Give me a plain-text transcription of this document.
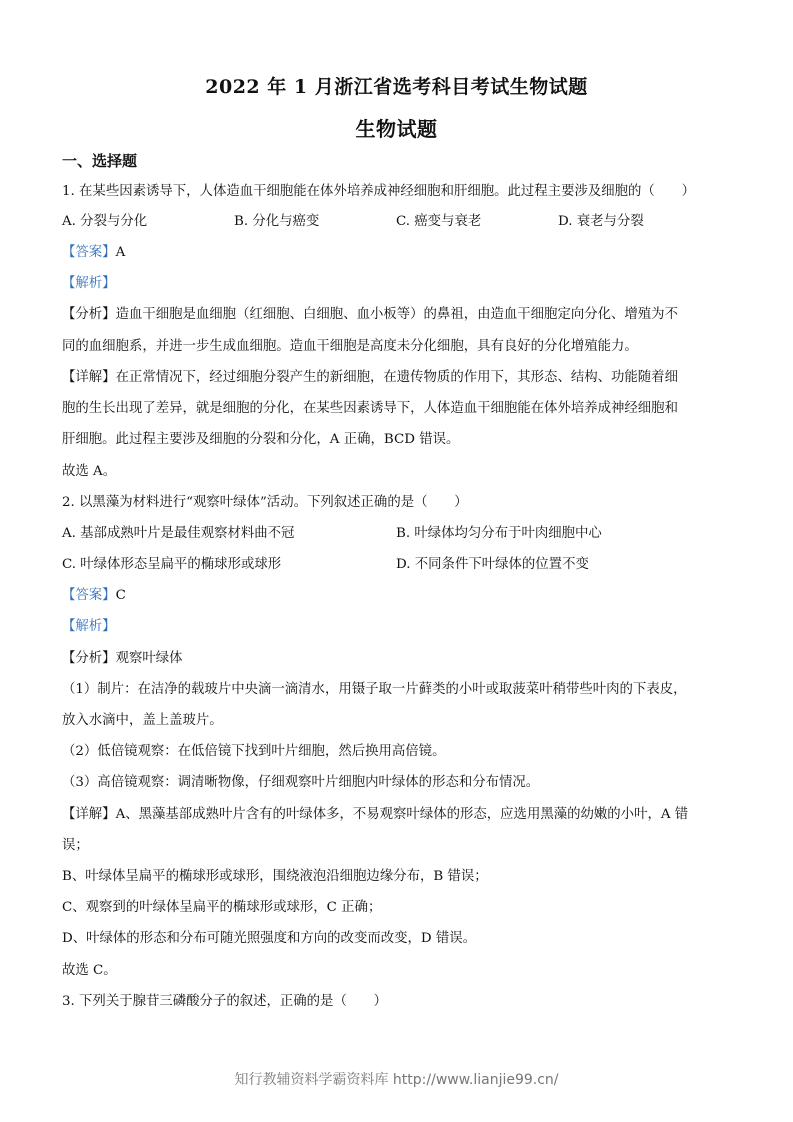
2022 年 1 月浙江省选考科目考试生物试题
生物试题
一、选择题
1. 在某些因素诱导下，人体造血干细胞能在体外培养成神经细胞和肝细胞。此过程主要涉及细胞的（　　）
A. 分裂与分化	B. 分化与癌变	C. 癌变与衰老	D. 衰老与分裂
【答案】A
【解析】
【分析】造血干细胞是血细胞（红细胞、白细胞、血小板等）的鼻祖，由造血干细胞定向分化、增殖为不
同的血细胞系，并进一步生成血细胞。造血干细胞是高度未分化细胞，具有良好的分化增殖能力。
【详解】在正常情况下，经过细胞分裂产生的新细胞，在遗传物质的作用下，其形态、结构、功能随着细
胞的生长出现了差异，就是细胞的分化，在某些因素诱导下，人体造血干细胞能在体外培养成神经细胞和
肝细胞。此过程主要涉及细胞的分裂和分化，A 正确，BCD 错误。
故选 A。
2. 以黑藻为材料进行“观察叶绿体”活动。下列叙述正确的是（　　）
A. 基部成熟叶片是最佳观察材料曲不冠	B. 叶绿体均匀分布于叶肉细胞中心
C. 叶绿体形态呈扁平的椭球形或球形	D. 不同条件下叶绿体的位置不变
【答案】C
【解析】
【分析】观察叶绿体
（1）制片：在洁净的载玻片中央滴一滴清水，用镊子取一片藓类的小叶或取菠菜叶稍带些叶肉的下表皮，
放入水滴中，盖上盖玻片。
（2）低倍镜观察：在低倍镜下找到叶片细胞，然后换用高倍镜。
（3）高倍镜观察：调清晰物像，仔细观察叶片细胞内叶绿体的形态和分布情况。
【详解】A、黑藻基部成熟叶片含有的叶绿体多，不易观察叶绿体的形态，应选用黑藻的幼嫩的小叶，A 错
误；
B、叶绿体呈扁平的椭球形或球形，围绕液泡沿细胞边缘分布，B 错误；
C、观察到的叶绿体呈扁平的椭球形或球形，C 正确；
D、叶绿体的形态和分布可随光照强度和方向的改变而改变，D 错误。
故选 C。
3. 下列关于腺苷三磷酸分子的叙述，正确的是（　　）
知行教辅资料学霸资料库 http://www.lianjie99.cn/
